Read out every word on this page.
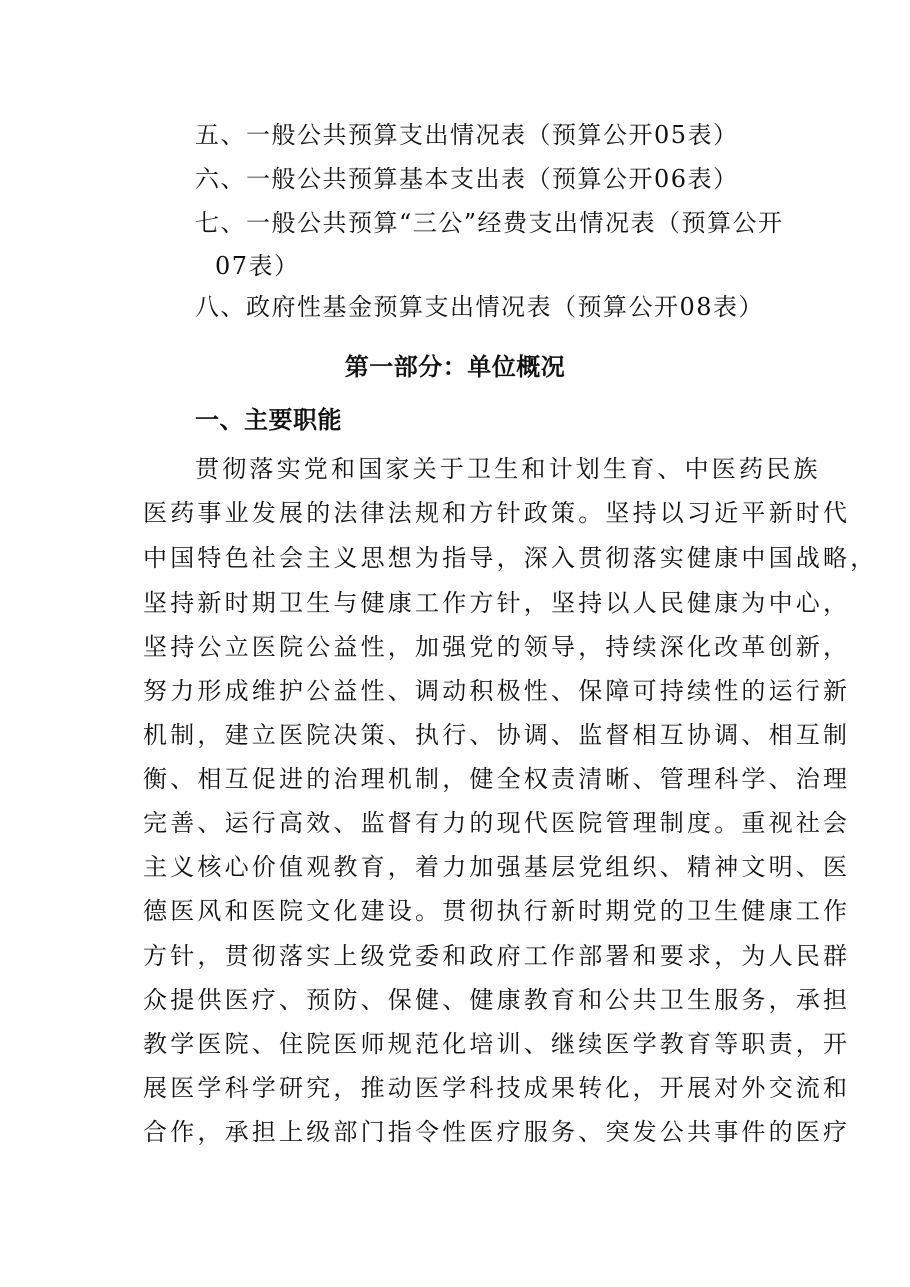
五、一般公共预算支出情况表（预算公开05表）
六、一般公共预算基本支出表（预算公开06表）
七、一般公共预算“三公”经费支出情况表（预算公开
07表）
八、政府性基金预算支出情况表（预算公开08表）
第一部分：单位概况
一、主要职能
贯彻落实党和国家关于卫生和计划生育、中医药民族
医药事业发展的法律法规和方针政策。坚持以习近平新时代
中国特色社会主义思想为指导，深入贯彻落实健康中国战略，
坚持新时期卫生与健康工作方针，坚持以人民健康为中心，
坚持公立医院公益性，加强党的领导，持续深化改革创新，
努力形成维护公益性、调动积极性、保障可持续性的运行新
机制，建立医院决策、执行、协调、监督相互协调、相互制
衡、相互促进的治理机制，健全权责清晰、管理科学、治理
完善、运行高效、监督有力的现代医院管理制度。重视社会
主义核心价值观教育，着力加强基层党组织、精神文明、医
德医风和医院文化建设。贯彻执行新时期党的卫生健康工作
方针，贯彻落实上级党委和政府工作部署和要求，为人民群
众提供医疗、预防、保健、健康教育和公共卫生服务，承担
教学医院、住院医师规范化培训、继续医学教育等职责，开
展医学科学研究，推动医学科技成果转化，开展对外交流和
合作，承担上级部门指令性医疗服务、突发公共事件的医疗
